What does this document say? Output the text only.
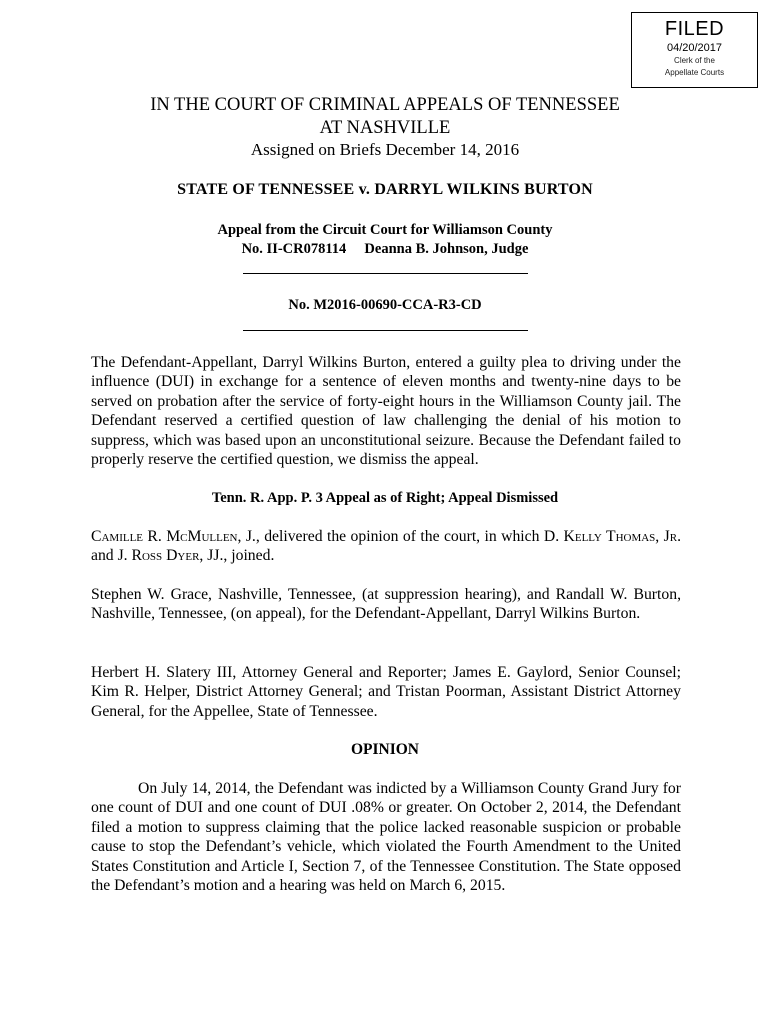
FILED
04/20/2017
Clerk of the
Appellate Courts

IN THE COURT OF CRIMINAL APPEALS OF TENNESSEE

AT NASHVILLE

Assigned on Briefs December 14, 2016

STATE OF TENNESSEE v. DARRYL WILKINS BURTON

Appeal from the Circuit Court for Williamson County

No. II-CR078114     Deanna B. Johnson, Judge

No. M2016-00690-CCA-R3-CD

The Defendant-Appellant, Darryl Wilkins Burton, entered a guilty plea to driving under the influence (DUI) in exchange for a sentence of eleven months and twenty-nine days to be served on probation after the service of forty-eight hours in the Williamson County jail. The Defendant reserved a certified question of law challenging the denial of his motion to suppress, which was based upon an unconstitutional seizure. Because the Defendant failed to properly reserve the certified question, we dismiss the appeal.

Tenn. R. App. P. 3 Appeal as of Right; Appeal Dismissed

Camille R. McMullen, J., delivered the opinion of the court, in which D. Kelly Thomas, Jr. and J. Ross Dyer, JJ., joined.

Stephen W. Grace, Nashville, Tennessee, (at suppression hearing), and Randall W. Burton, Nashville, Tennessee, (on appeal), for the Defendant-Appellant, Darryl Wilkins Burton.

Herbert H. Slatery III, Attorney General and Reporter; James E. Gaylord, Senior Counsel; Kim R. Helper, District Attorney General; and Tristan Poorman, Assistant District Attorney General, for the Appellee, State of Tennessee.

OPINION

On July 14, 2014, the Defendant was indicted by a Williamson County Grand Jury for one count of DUI and one count of DUI .08% or greater. On October 2, 2014, the Defendant filed a motion to suppress claiming that the police lacked reasonable suspicion or probable cause to stop the Defendant’s vehicle, which violated the Fourth Amendment to the United States Constitution and Article I, Section 7, of the Tennessee Constitution. The State opposed the Defendant’s motion and a hearing was held on March 6, 2015.
